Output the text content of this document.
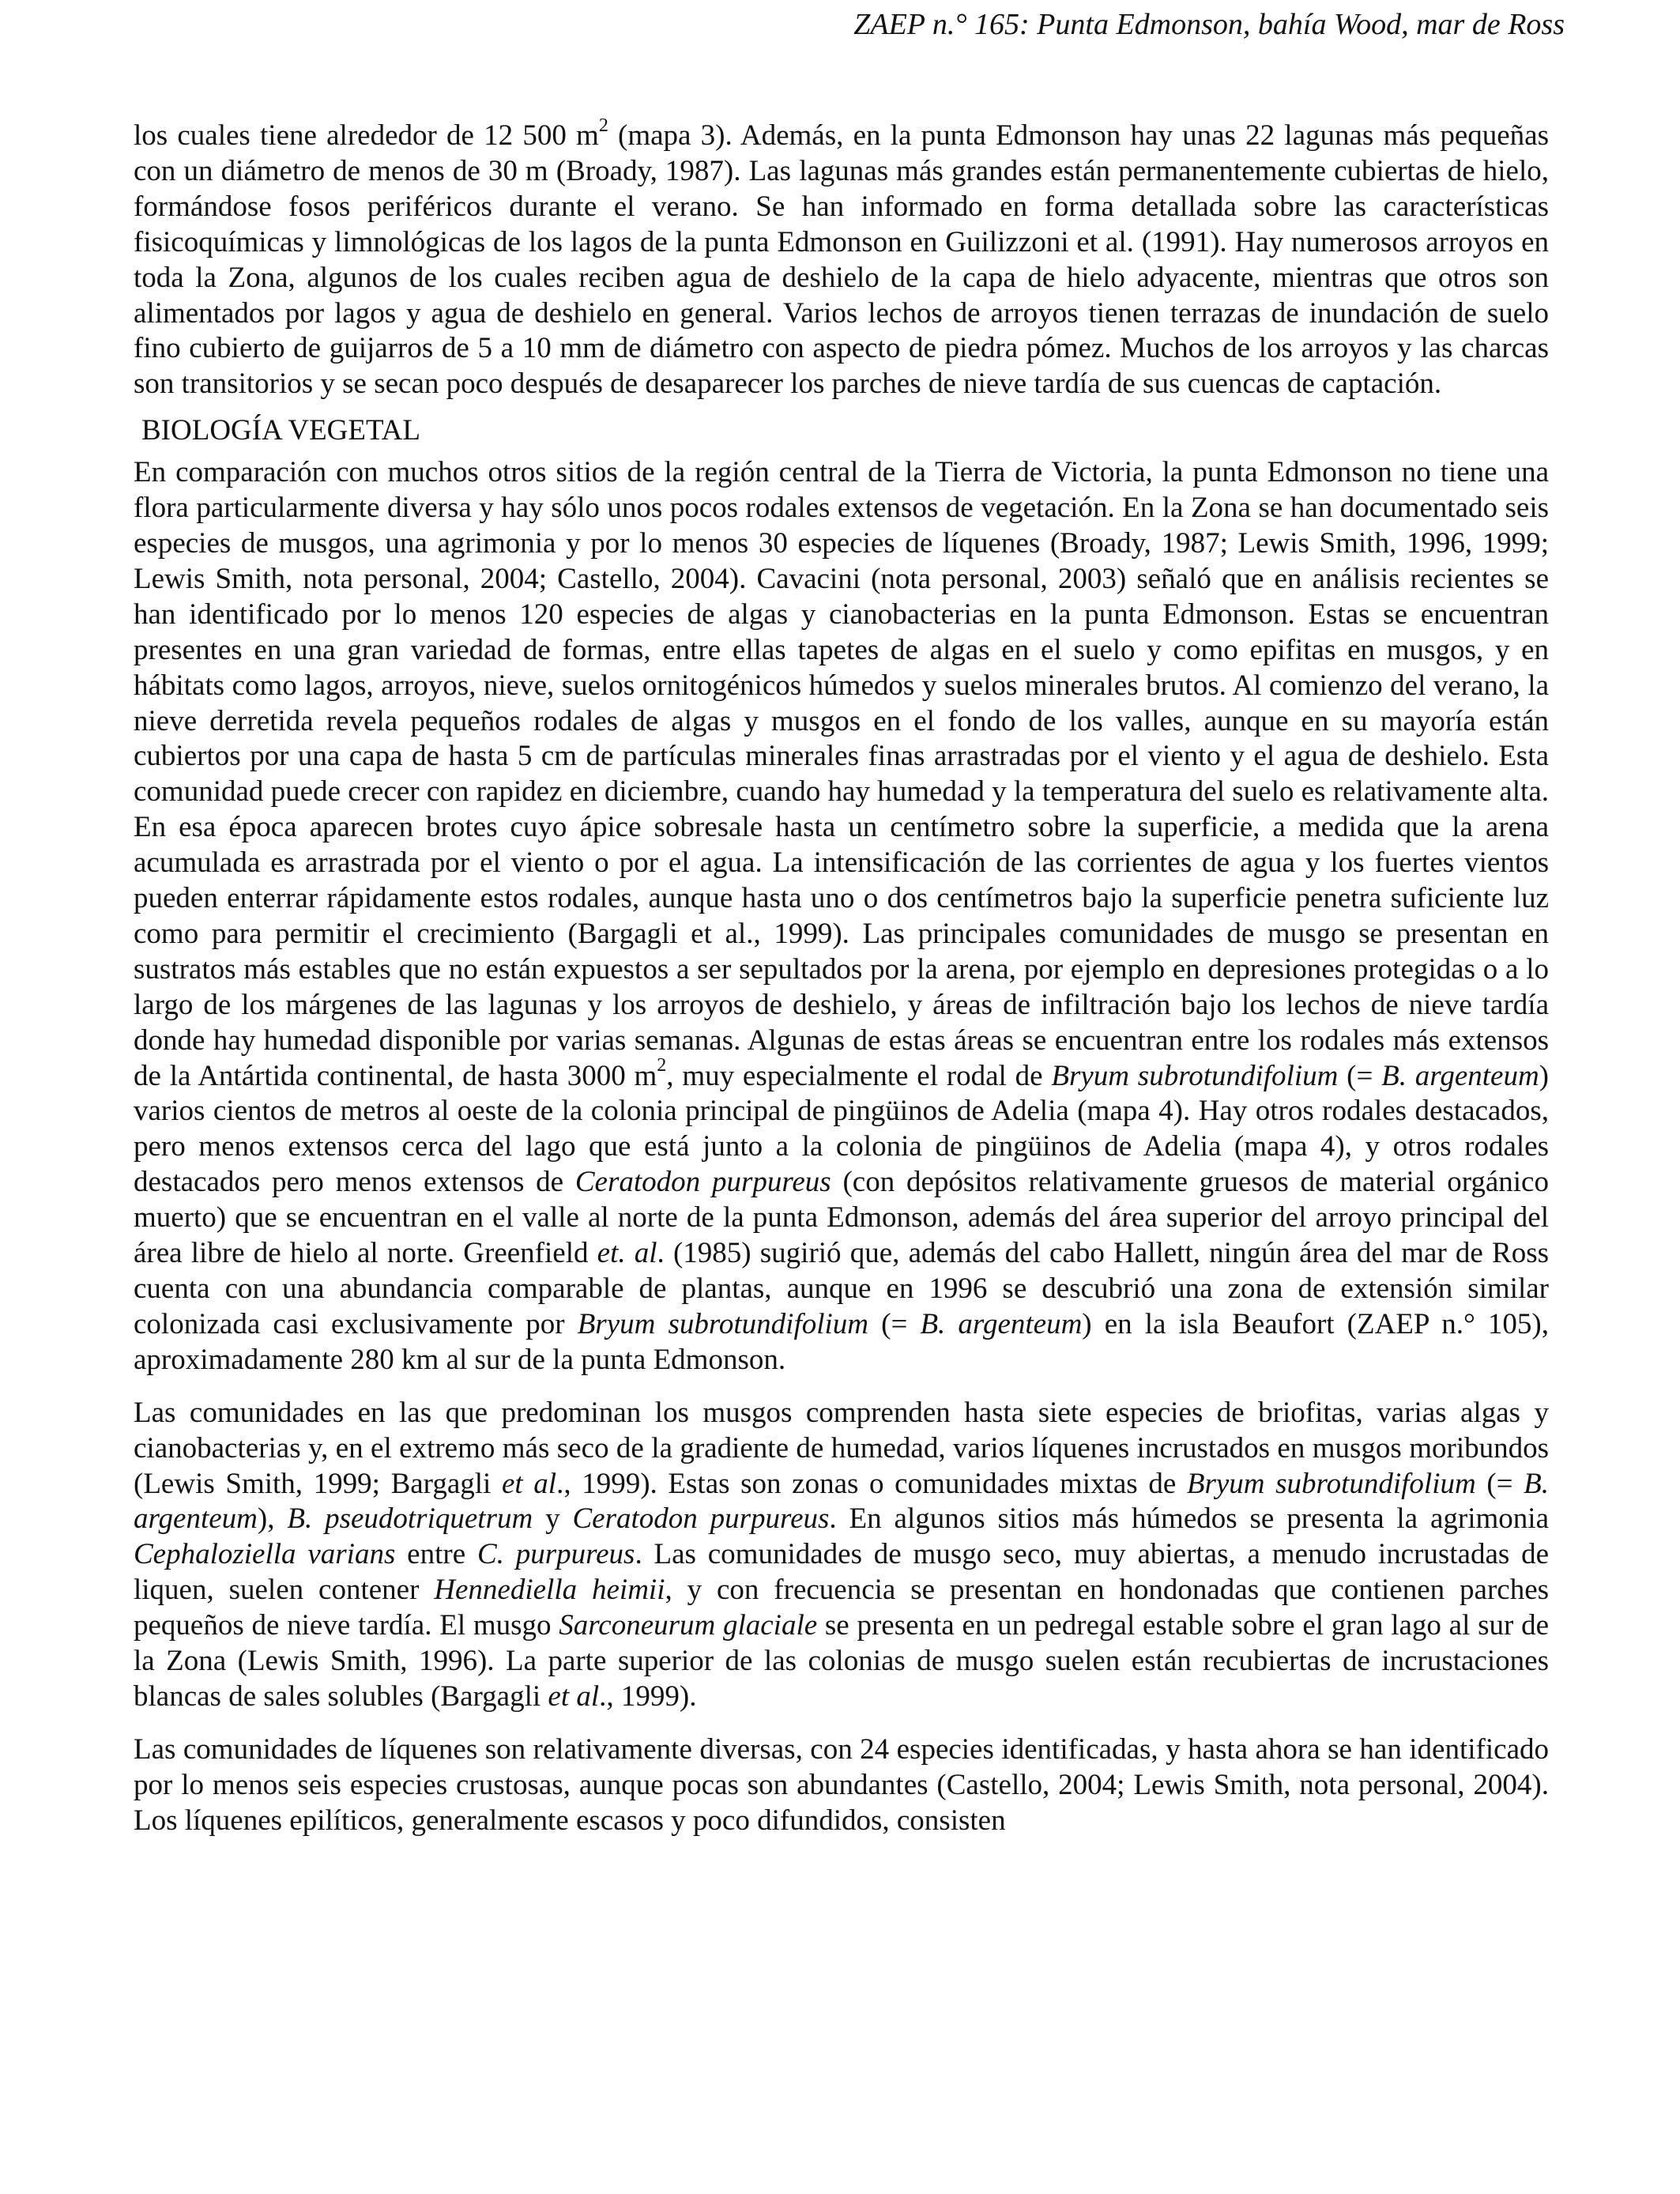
ZAEP n.° 165: Punta Edmonson, bahía Wood, mar de Ross

los cuales tiene alrededor de 12 500 $m^2$ (mapa 3). Además, en la punta Edmonson hay unas 22 lagunas más pequeñas con un diámetro de menos de 30 m (Broady, 1987). Las lagunas más grandes están permanentemente cubiertas de hielo, formándose fosos periféricos durante el verano. Se han informado en forma detallada sobre las características fisicoquímicas y limnológicas de los lagos de la punta Edmonson en Guilizzoni et al. (1991). Hay numerosos arroyos en toda la Zona, algunos de los cuales reciben agua de deshielo de la capa de hielo adyacente, mientras que otros son alimentados por lagos y agua de deshielo en general. Varios lechos de arroyos tienen terrazas de inundación de suelo fino cubierto de guijarros de 5 a 10 mm de diámetro con aspecto de piedra pómez. Muchos de los arroyos y las charcas son transitorios y se secan poco después de desaparecer los parches de nieve tardía de sus cuencas de captación.

BIOLOGÍA VEGETAL

En comparación con muchos otros sitios de la región central de la Tierra de Victoria, la punta Edmonson no tiene una flora particularmente diversa y hay sólo unos pocos rodales extensos de vegetación. En la Zona se han documentado seis especies de musgos, una agrimonia y por lo menos 30 especies de líquenes (Broady, 1987; Lewis Smith, 1996, 1999; Lewis Smith, nota personal, 2004; Castello, 2004). Cavacini (nota personal, 2003) señaló que en análisis recientes se han identificado por lo menos 120 especies de algas y cianobacterias en la punta Edmonson. Estas se encuentran presentes en una gran variedad de formas, entre ellas tapetes de algas en el suelo y como epifitas en musgos, y en hábitats como lagos, arroyos, nieve, suelos ornitogénicos húmedos y suelos minerales brutos. Al comienzo del verano, la nieve derretida revela pequeños rodales de algas y musgos en el fondo de los valles, aunque en su mayoría están cubiertos por una capa de hasta 5 cm de partículas minerales finas arrastradas por el viento y el agua de deshielo. Esta comunidad puede crecer con rapidez en diciembre, cuando hay humedad y la temperatura del suelo es relativamente alta. En esa época aparecen brotes cuyo ápice sobresale hasta un centímetro sobre la superficie, a medida que la arena acumulada es arrastrada por el viento o por el agua. La intensificación de las corrientes de agua y los fuertes vientos pueden enterrar rápidamente estos rodales, aunque hasta uno o dos centímetros bajo la superficie penetra suficiente luz como para permitir el crecimiento (Bargagli et al., 1999). Las principales comunidades de musgo se presentan en sustratos más estables que no están expuestos a ser sepultados por la arena, por ejemplo en depresiones protegidas o a lo largo de los márgenes de las lagunas y los arroyos de deshielo, y áreas de infiltración bajo los lechos de nieve tardía donde hay humedad disponible por varias semanas. Algunas de estas áreas se encuentran entre los rodales más extensos de la Antártida continental, de hasta 3000 $m^2$, muy especialmente el rodal de Bryum subrotundifolium (= B. argenteum) varios cientos de metros al oeste de la colonia principal de pingüinos de Adelia (mapa 4). Hay otros rodales destacados, pero menos extensos cerca del lago que está junto a la colonia de pingüinos de Adelia (mapa 4), y otros rodales destacados pero menos extensos de Ceratodon purpureus (con depósitos relativamente gruesos de material orgánico muerto) que se encuentran en el valle al norte de la punta Edmonson, además del área superior del arroyo principal del área libre de hielo al norte. Greenfield et. al. (1985) sugirió que, además del cabo Hallett, ningún área del mar de Ross cuenta con una abundancia comparable de plantas, aunque en 1996 se descubrió una zona de extensión similar colonizada casi exclusivamente por Bryum subrotundifolium (= B. argenteum) en la isla Beaufort (ZAEP n.° 105), aproximadamente 280 km al sur de la punta Edmonson.

Las comunidades en las que predominan los musgos comprenden hasta siete especies de briofitas, varias algas y cianobacterias y, en el extremo más seco de la gradiente de humedad, varios líquenes incrustados en musgos moribundos (Lewis Smith, 1999; Bargagli et al., 1999). Estas son zonas o comunidades mixtas de Bryum subrotundifolium (= B. argenteum), B. pseudotriquetrum y Ceratodon purpureus. En algunos sitios más húmedos se presenta la agrimonia Cephaloziella varians entre C. purpureus. Las comunidades de musgo seco, muy abiertas, a menudo incrustadas de liquen, suelen contener Hennediella heimii, y con frecuencia se presentan en hondonadas que contienen parches pequeños de nieve tardía. El musgo Sarconeurum glaciale se presenta en un pedregal estable sobre el gran lago al sur de la Zona (Lewis Smith, 1996). La parte superior de las colonias de musgo suelen están recubiertas de incrustaciones blancas de sales solubles (Bargagli et al., 1999).

Las comunidades de líquenes son relativamente diversas, con 24 especies identificadas, y hasta ahora se han identificado por lo menos seis especies crustosas, aunque pocas son abundantes (Castello, 2004; Lewis Smith, nota personal, 2004). Los líquenes epilíticos, generalmente escasos y poco difundidos, consisten
